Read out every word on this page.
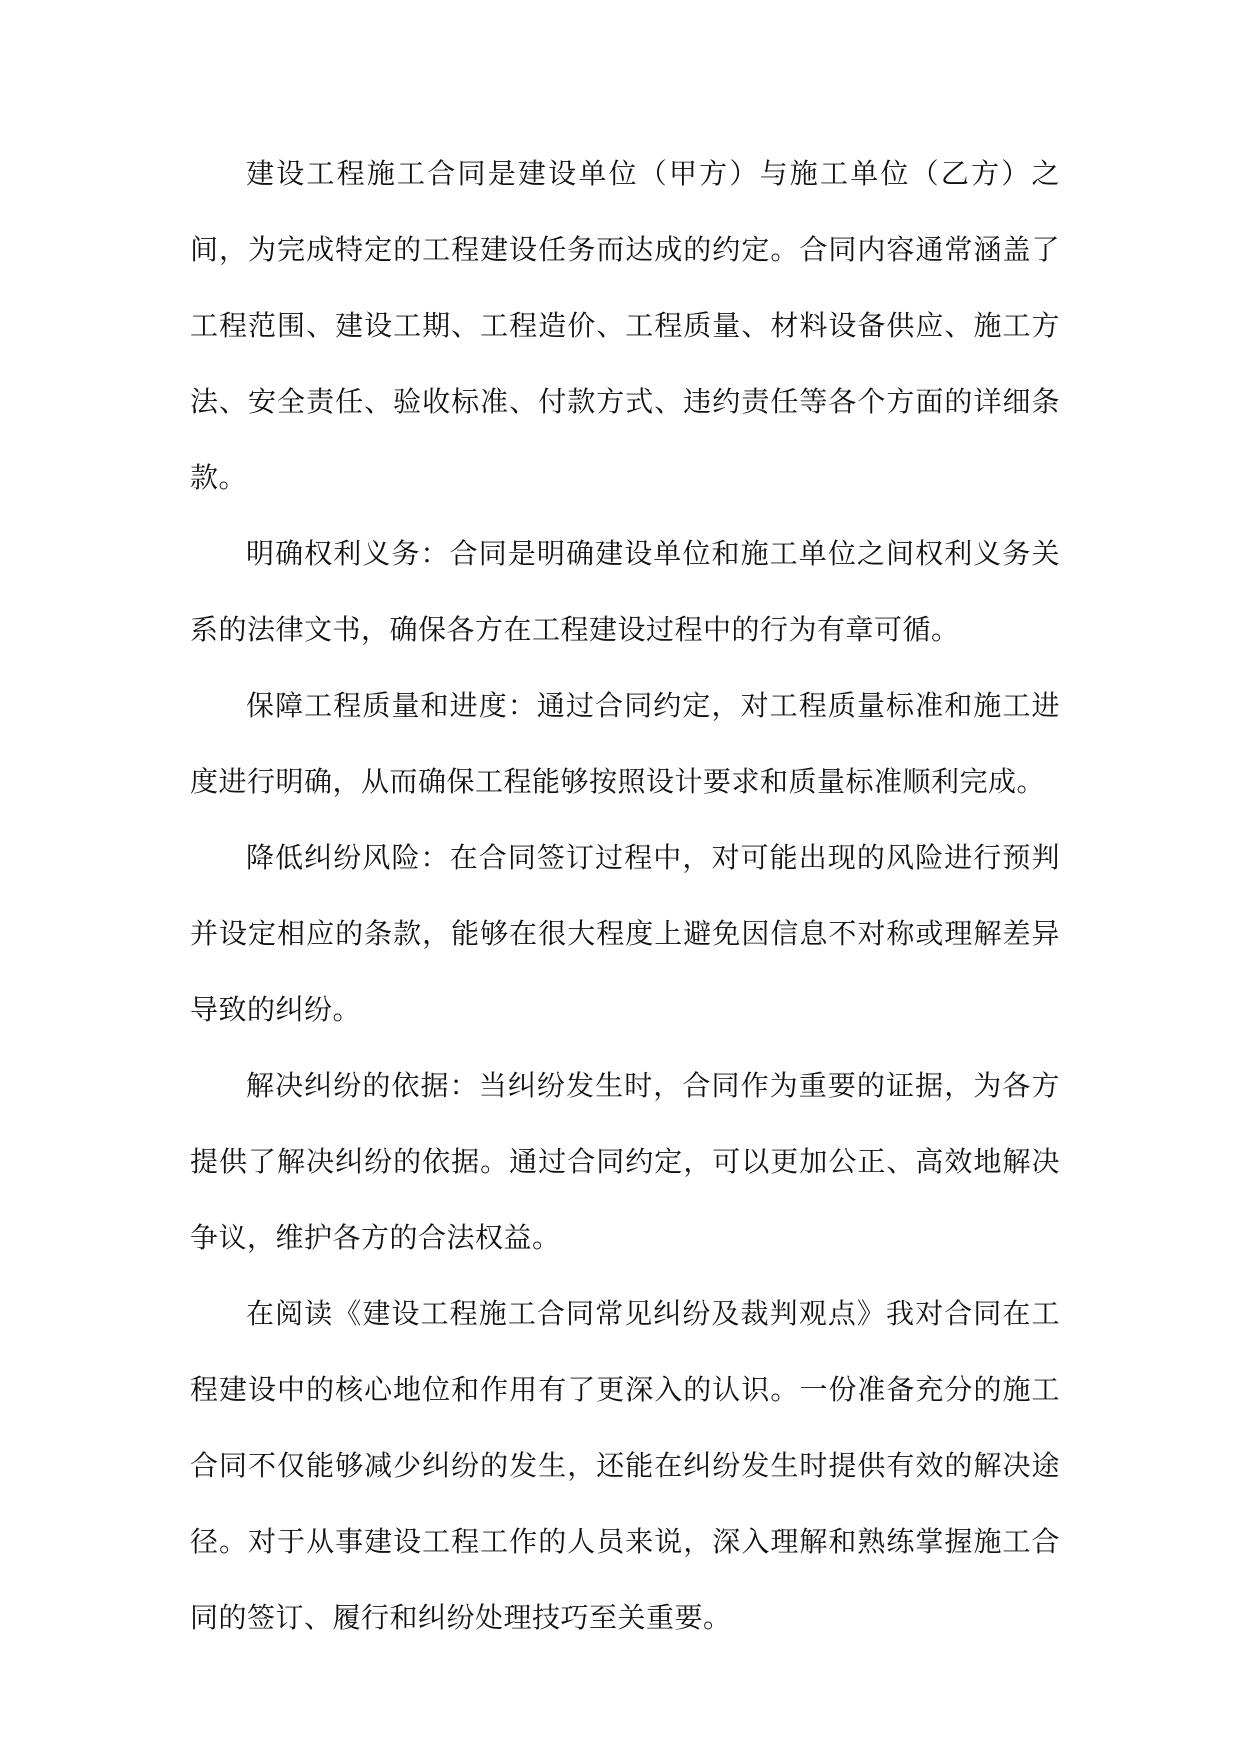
建设工程施工合同是建设单位（甲方）与施工单位（乙方）之间，为完成特定的工程建设任务而达成的约定。合同内容通常涵盖了工程范围、建设工期、工程造价、工程质量、材料设备供应、施工方法、安全责任、验收标准、付款方式、违约责任等各个方面的详细条款。

明确权利义务：合同是明确建设单位和施工单位之间权利义务关系的法律文书，确保各方在工程建设过程中的行为有章可循。

保障工程质量和进度：通过合同约定，对工程质量标准和施工进度进行明确，从而确保工程能够按照设计要求和质量标准顺利完成。

降低纠纷风险：在合同签订过程中，对可能出现的风险进行预判并设定相应的条款，能够在很大程度上避免因信息不对称或理解差异导致的纠纷。

解决纠纷的依据：当纠纷发生时，合同作为重要的证据，为各方提供了解决纠纷的依据。通过合同约定，可以更加公正、高效地解决争议，维护各方的合法权益。

在阅读《建设工程施工合同常见纠纷及裁判观点》我对合同在工程建设中的核心地位和作用有了更深入的认识。一份准备充分的施工合同不仅能够减少纠纷的发生，还能在纠纷发生时提供有效的解决途径。对于从事建设工程工作的人员来说，深入理解和熟练掌握施工合同的签订、履行和纠纷处理技巧至关重要。
